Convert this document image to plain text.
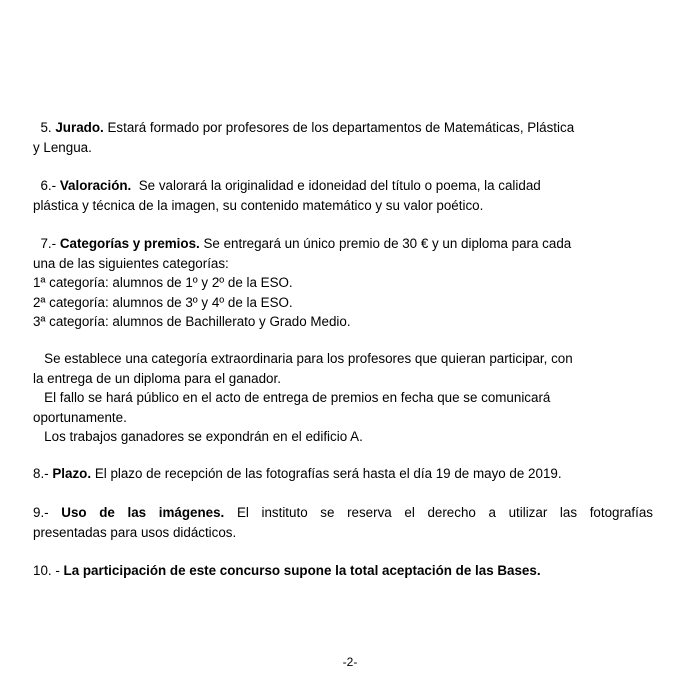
5. Jurado. Estará formado por profesores de los departamentos de Matemáticas, Plástica
y Lengua.
6.- Valoración. Se valorará la originalidad e idoneidad del título o poema, la calidad
plástica y técnica de la imagen, su contenido matemático y su valor poético.
7.- Categorías y premios. Se entregará un único premio de 30 € y un diploma para cada
una de las siguientes categorías:
1ª categoría: alumnos de 1º y 2º de la ESO.
2ª categoría: alumnos de 3º y 4º de la ESO.
3ª categoría: alumnos de Bachillerato y Grado Medio.
Se establece una categoría extraordinaria para los profesores que quieran participar, con
la entrega de un diploma para el ganador.
El fallo se hará público en el acto de entrega de premios en fecha que se comunicará
oportunamente.
Los trabajos ganadores se expondrán en el edificio A.
8.- Plazo. El plazo de recepción de las fotografías será hasta el día 19 de mayo de 2019.
9.- Uso de las imágenes. El instituto se reserva el derecho a utilizar las fotografías
presentadas para usos didácticos.
10. - La participación de este concurso supone la total aceptación de las Bases.
-2-
